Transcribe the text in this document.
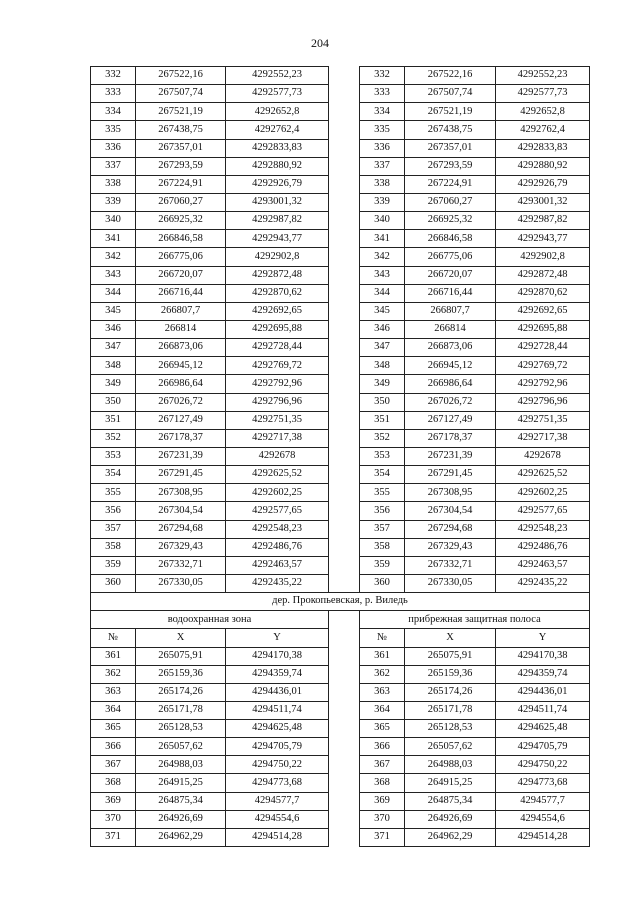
204
332	267522,16	4292552,23		332	267522,16	4292552,23
333	267507,74	4292577,73		333	267507,74	4292577,73
334	267521,19	4292652,8		334	267521,19	4292652,8
335	267438,75	4292762,4		335	267438,75	4292762,4
336	267357,01	4292833,83		336	267357,01	4292833,83
337	267293,59	4292880,92		337	267293,59	4292880,92
338	267224,91	4292926,79		338	267224,91	4292926,79
339	267060,27	4293001,32		339	267060,27	4293001,32
340	266925,32	4292987,82		340	266925,32	4292987,82
341	266846,58	4292943,77		341	266846,58	4292943,77
342	266775,06	4292902,8		342	266775,06	4292902,8
343	266720,07	4292872,48		343	266720,07	4292872,48
344	266716,44	4292870,62		344	266716,44	4292870,62
345	266807,7	4292692,65		345	266807,7	4292692,65
346	266814	4292695,88		346	266814	4292695,88
347	266873,06	4292728,44		347	266873,06	4292728,44
348	266945,12	4292769,72		348	266945,12	4292769,72
349	266986,64	4292792,96		349	266986,64	4292792,96
350	267026,72	4292796,96		350	267026,72	4292796,96
351	267127,49	4292751,35		351	267127,49	4292751,35
352	267178,37	4292717,38		352	267178,37	4292717,38
353	267231,39	4292678		353	267231,39	4292678
354	267291,45	4292625,52		354	267291,45	4292625,52
355	267308,95	4292602,25		355	267308,95	4292602,25
356	267304,54	4292577,65		356	267304,54	4292577,65
357	267294,68	4292548,23		357	267294,68	4292548,23
358	267329,43	4292486,76		358	267329,43	4292486,76
359	267332,71	4292463,57		359	267332,71	4292463,57
360	267330,05	4292435,22		360	267330,05	4292435,22
дер. Прокопьевская, р. Виледь						
водоохранная зона				прибрежная защитная полоса		
№	X	Y		№	X	Y
361	265075,91	4294170,38		361	265075,91	4294170,38
362	265159,36	4294359,74		362	265159,36	4294359,74
363	265174,26	4294436,01		363	265174,26	4294436,01
364	265171,78	4294511,74		364	265171,78	4294511,74
365	265128,53	4294625,48		365	265128,53	4294625,48
366	265057,62	4294705,79		366	265057,62	4294705,79
367	264988,03	4294750,22		367	264988,03	4294750,22
368	264915,25	4294773,68		368	264915,25	4294773,68
369	264875,34	4294577,7		369	264875,34	4294577,7
370	264926,69	4294554,6		370	264926,69	4294554,6
371	264962,29	4294514,28		371	264962,29	4294514,28
